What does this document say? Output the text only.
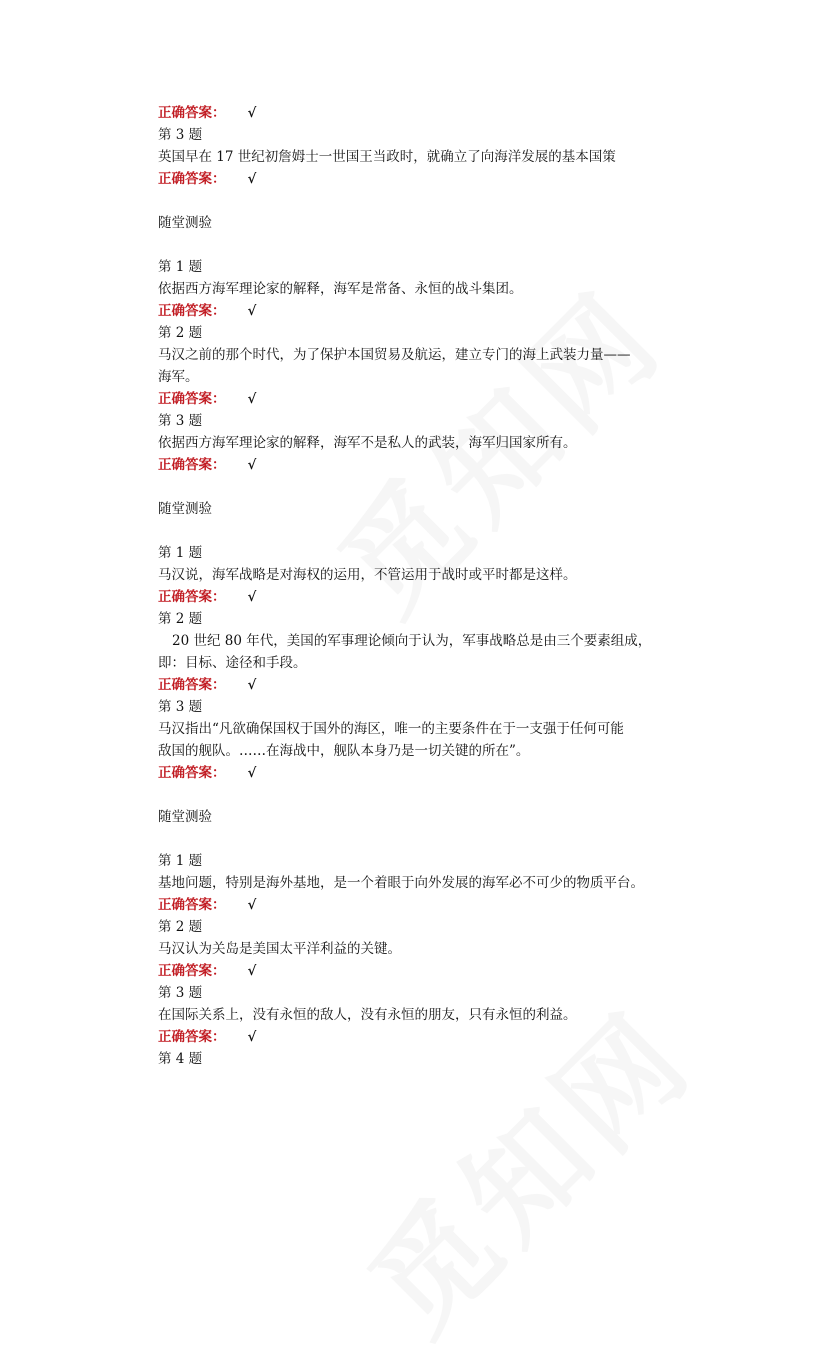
正确答案： √
第 3 题
英国早在 17 世纪初詹姆士一世国王当政时，就确立了向海洋发展的基本国策
正确答案： √
随堂测验
第 1 题
依据西方海军理论家的解释，海军是常备、永恒的战斗集团。
正确答案： √
第 2 题
马汉之前的那个时代，为了保护本国贸易及航运，建立专门的海上武装力量——
海军。
正确答案： √
第 3 题
依据西方海军理论家的解释，海军不是私人的武装，海军归国家所有。
正确答案： √
随堂测验
第 1 题
马汉说，海军战略是对海权的运用，不管运用于战时或平时都是这样。
正确答案： √
第 2 题
20 世纪 80 年代，美国的军事理论倾向于认为，军事战略总是由三个要素组成，
即：目标、途径和手段。
正确答案： √
第 3 题
马汉指出“凡欲确保国权于国外的海区，唯一的主要条件在于一支强于任何可能
敌国的舰队。……在海战中，舰队本身乃是一切关键的所在”。
正确答案： √
随堂测验
第 1 题
基地问题，特别是海外基地，是一个着眼于向外发展的海军必不可少的物质平台。
正确答案： √
第 2 题
马汉认为关岛是美国太平洋利益的关键。
正确答案： √
第 3 题
在国际关系上，没有永恒的敌人，没有永恒的朋友，只有永恒的利益。
正确答案： √
第 4 题
